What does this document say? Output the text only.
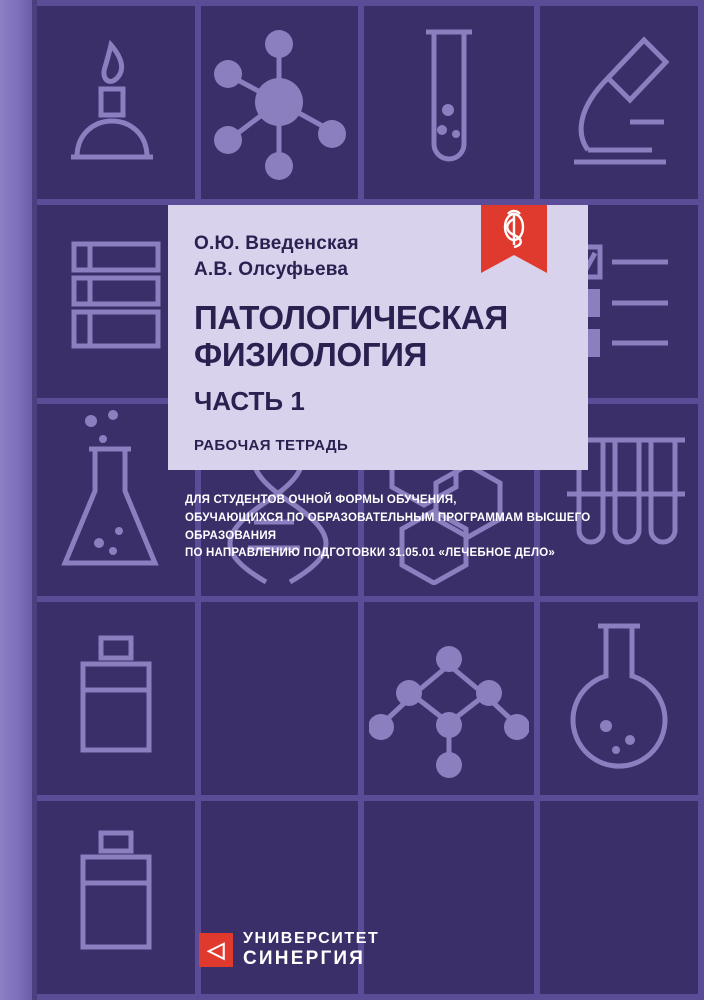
О.Ю. Введенская
А.В. Олсуфьева
ПАТОЛОГИЧЕСКАЯ
ФИЗИОЛОГИЯ
ЧАСТЬ 1
РАБОЧАЯ ТЕТРАДЬ
ДЛЯ СТУДЕНТОВ ОЧНОЙ ФОРМЫ ОБУЧЕНИЯ,
ОБУЧАЮЩИХСЯ ПО ОБРАЗОВАТЕЛЬНЫМ ПРОГРАММАМ ВЫСШЕГО ОБРАЗОВАНИЯ
ПО НАПРАВЛЕНИЮ ПОДГОТОВКИ 31.05.01 «ЛЕЧЕБНОЕ ДЕЛО»
◁	УНИВЕРСИТЕТ
СИНЕРГИЯ
